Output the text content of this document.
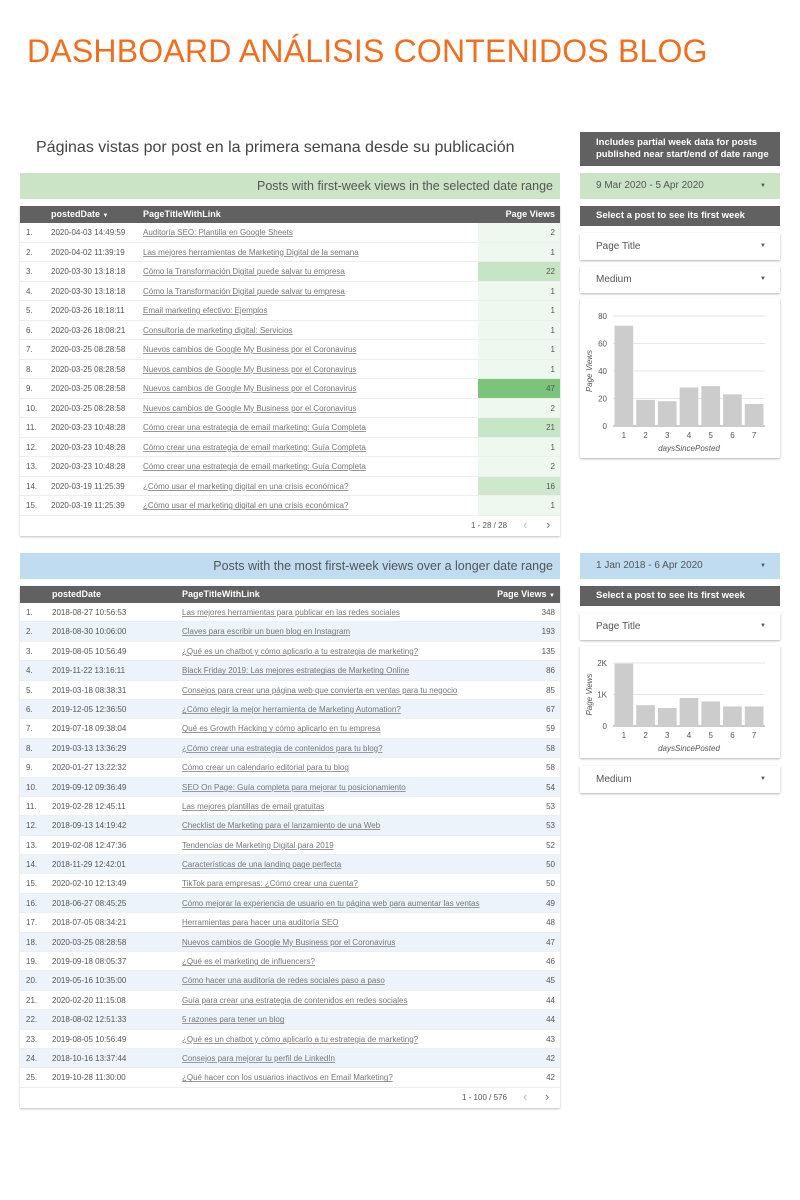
DASHBOARD ANÁLISIS CONTENIDOS BLOG
Páginas vistas por post en la primera semana desde su publicación	Includes partial week data for posts published near start/end of date range
Posts with first-week views in the selected date range	9 Mar 2020 - 5 Apr 2020	▼
postedDate ▼	PageTitleWithLink	Page Views
1. 2020-04-03 14:49:59 Auditoría SEO: Plantilla en Google Sheets	2
2. 2020-04-02 11:39:19 Las mejores herramientas de Marketing Digital de la semana	1
3. 2020-03-30 13:18:18 Cómo la Transformación Digital puede salvar tu empresa	22
4. 2020-03-30 13:18:18 Cómo la Transformación Digital puede salvar tu empresa	1
5. 2020-03-26 18:18:11 Email marketing efectivo: Ejemplos	1
6. 2020-03-26 18:08:21 Consultoría de marketing digital: Servicios	1
7. 2020-03-25 08:28:58 Nuevos cambios de Google My Business por el Coronavirus	1
8. 2020-03-25 08:28:58 Nuevos cambios de Google My Business por el Coronavirus	1
9. 2020-03-25 08:28:58 Nuevos cambios de Google My Business por el Coronavirus	47
10. 2020-03-25 08:28:58 Nuevos cambios de Google My Business por el Coronavirus	2
11. 2020-03-23 10:48:28 Cómo crear una estrategia de email marketing: Guía Completa	21
12. 2020-03-23 10:48:28 Cómo crear una estrategia de email marketing: Guía Completa	1
13. 2020-03-23 10:48:28 Cómo crear una estrategia de email marketing: Guía Completa	2
14. 2020-03-19 11:25:39 ¿Cómo usar el marketing digital en una crisis económica?	16
15. 2020-03-19 11:25:39 ¿Cómo usar el marketing digital en una crisis económica?	1
1 - 28 / 28 ‹ ›
Select a post to see its first week
Page Title	▼
Medium	▼
0
20
40
60
80
1 2 3 4 5 6 7
daysSincePosted
Page Views
Posts with the most first-week views over a longer date range	1 Jan 2018 - 6 Apr 2020	▼
postedDate	PageTitleWithLink	Page Views ▼
1. 2018-08-27 10:56:53	Las mejores herramientas para publicar en las redes sociales	348
2. 2018-08-30 10:06:00	Claves para escribir un buen blog en Instagram	193
3. 2019-08-05 10:56:49	¿Qué es un chatbot y cómo aplicarlo a tu estrategia de marketing?	135
4. 2019-11-22 13:16:11	Black Friday 2019: Las mejores estrategias de Marketing Online	86
5. 2019-03-18 08:38:31	Consejos para crear una página web que convierta en ventas para tu negocio	85
6. 2019-12-05 12:36:50	¿Cómo elegir la mejor herramienta de Marketing Automation?	67
7. 2019-07-18 09:38:04	Qué es Growth Hacking y cómo aplicarlo en tu empresa	59
8. 2019-03-13 13:36:29	¿Cómo crear una estrategia de contenidos para tu blog?	58
9. 2020-01-27 13:22:32	Cómo crear un calendario editorial para tu blog	58
10. 2019-09-12 09:36:49	SEO On Page: Guía completa para mejorar tu posicionamiento	54
11. 2019-02-28 12:45:11	Las mejores plantillas de email gratuitas	53
12. 2018-09-13 14:19:42	Checklist de Marketing para el lanzamiento de una Web	53
13. 2019-02-08 12:47:36	Tendencias de Marketing Digital para 2019	52
14. 2018-11-29 12:42:01	Características de una landing page perfecta	50
15. 2020-02-10 12:13:49	TikTok para empresas: ¿Cómo crear una cuenta?	50
16. 2018-06-27 08:45:25	Cómo mejorar la experiencia de usuario en tu página web para aumentar las ventas	49
17. 2018-07-05 08:34:21	Herramientas para hacer una auditoría SEO	48
18. 2020-03-25 08:28:58	Nuevos cambios de Google My Business por el Coronavirus	47
19. 2019-09-18 08:05:37	¿Qué es el marketing de influencers?	46
20. 2019-05-16 10:35:00	Cómo hacer una auditoría de redes sociales paso a paso	45
21. 2020-02-20 11:15:08	Guía para crear una estrategia de contenidos en redes sociales	44
22. 2018-08-02 12:51:33	5 razones para tener un blog	44
23. 2019-08-05 10:56:49	¿Qué es un chatbot y cómo aplicarlo a tu estrategia de marketing?	43
24. 2018-10-16 13:37:44	Consejos para mejorar tu perfil de LinkedIn	42
25. 2019-10-28 11:30:00	¿Qué hacer con los usuarios inactivos en Email Marketing?	42
1 - 100 / 576 ‹ ›
Select a post to see its first week
Page Title	▼
0
1K
2K
1 2 3 4 5 6 7
daysSincePosted
Page Views
Medium	▼
